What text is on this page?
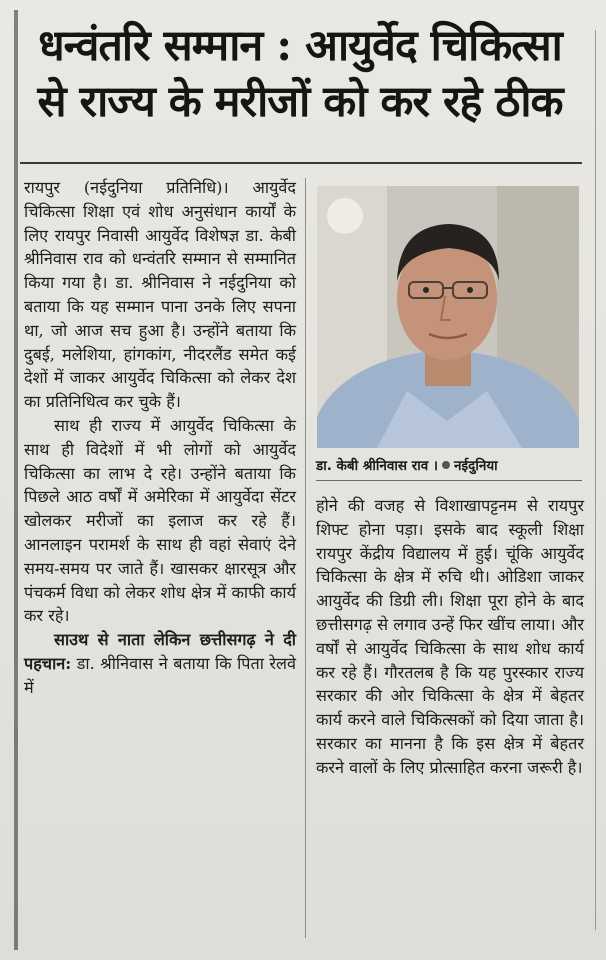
धन्वंतरि सम्मान : आयुर्वेद चिकित्सा
से राज्य के मरीजों को कर रहे ठीक

रायपुर (नईदुनिया प्रतिनिधि)। आयुर्वेद चिकित्सा शिक्षा एवं शोध अनुसंधान कार्यों के लिए रायपुर निवासी आयुर्वेद विशेषज्ञ डा. केबी श्रीनिवास राव को धन्वंतरि सम्मान से सम्मानित किया गया है। डा. श्रीनिवास ने नईदुनिया को बताया कि यह सम्मान पाना उनके लिए सपना था, जो आज सच हुआ है। उन्होंने बताया कि दुबई, मलेशिया, हांगकांग, नीदरलैंड समेत कई देशों में जाकर आयुर्वेद चिकित्सा को लेकर देश का प्रतिनिधित्व कर चुके हैं।

साथ ही राज्य में आयुर्वेद चिकित्सा के साथ ही विदेशों में भी लोगों को आयुर्वेद चिकित्सा का लाभ दे रहे। उन्होंने बताया कि पिछले आठ वर्षों में अमेरिका में आयुर्वेदा सेंटर खोलकर मरीजों का इलाज कर रहे हैं। आनलाइन परामर्श के साथ ही वहां सेवाएं देने समय-समय पर जाते हैं। खासकर क्षारसूत्र और पंचकर्म विधा को लेकर शोध क्षेत्र में काफी कार्य कर रहे।

साउथ से नाता लेकिन छत्तीसगढ़ ने दी पहचान: डा. श्रीनिवास ने बताया कि पिता रेलवे में

डा. केबी श्रीनिवास राव । नईदुनिया

होने की वजह से विशाखापट्टनम से रायपुर शिफ्ट होना पड़ा। इसके बाद स्कूली शिक्षा रायपुर केंद्रीय विद्यालय में हुई। चूंकि आयुर्वेद चिकित्सा के क्षेत्र में रुचि थी। ओडिशा जाकर आयुर्वेद की डिग्री ली। शिक्षा पूरा होने के बाद छत्तीसगढ़ से लगाव उन्हें फिर खींच लाया। और वर्षों से आयुर्वेद चिकित्सा के साथ शोध कार्य कर रहे हैं। गौरतलब है कि यह पुरस्कार राज्य सरकार की ओर चिकित्सा के क्षेत्र में बेहतर कार्य करने वाले चिकित्सकों को दिया जाता है। सरकार का मानना है कि इस क्षेत्र में बेहतर करने वालों के लिए प्रोत्साहित करना जरूरी है।
